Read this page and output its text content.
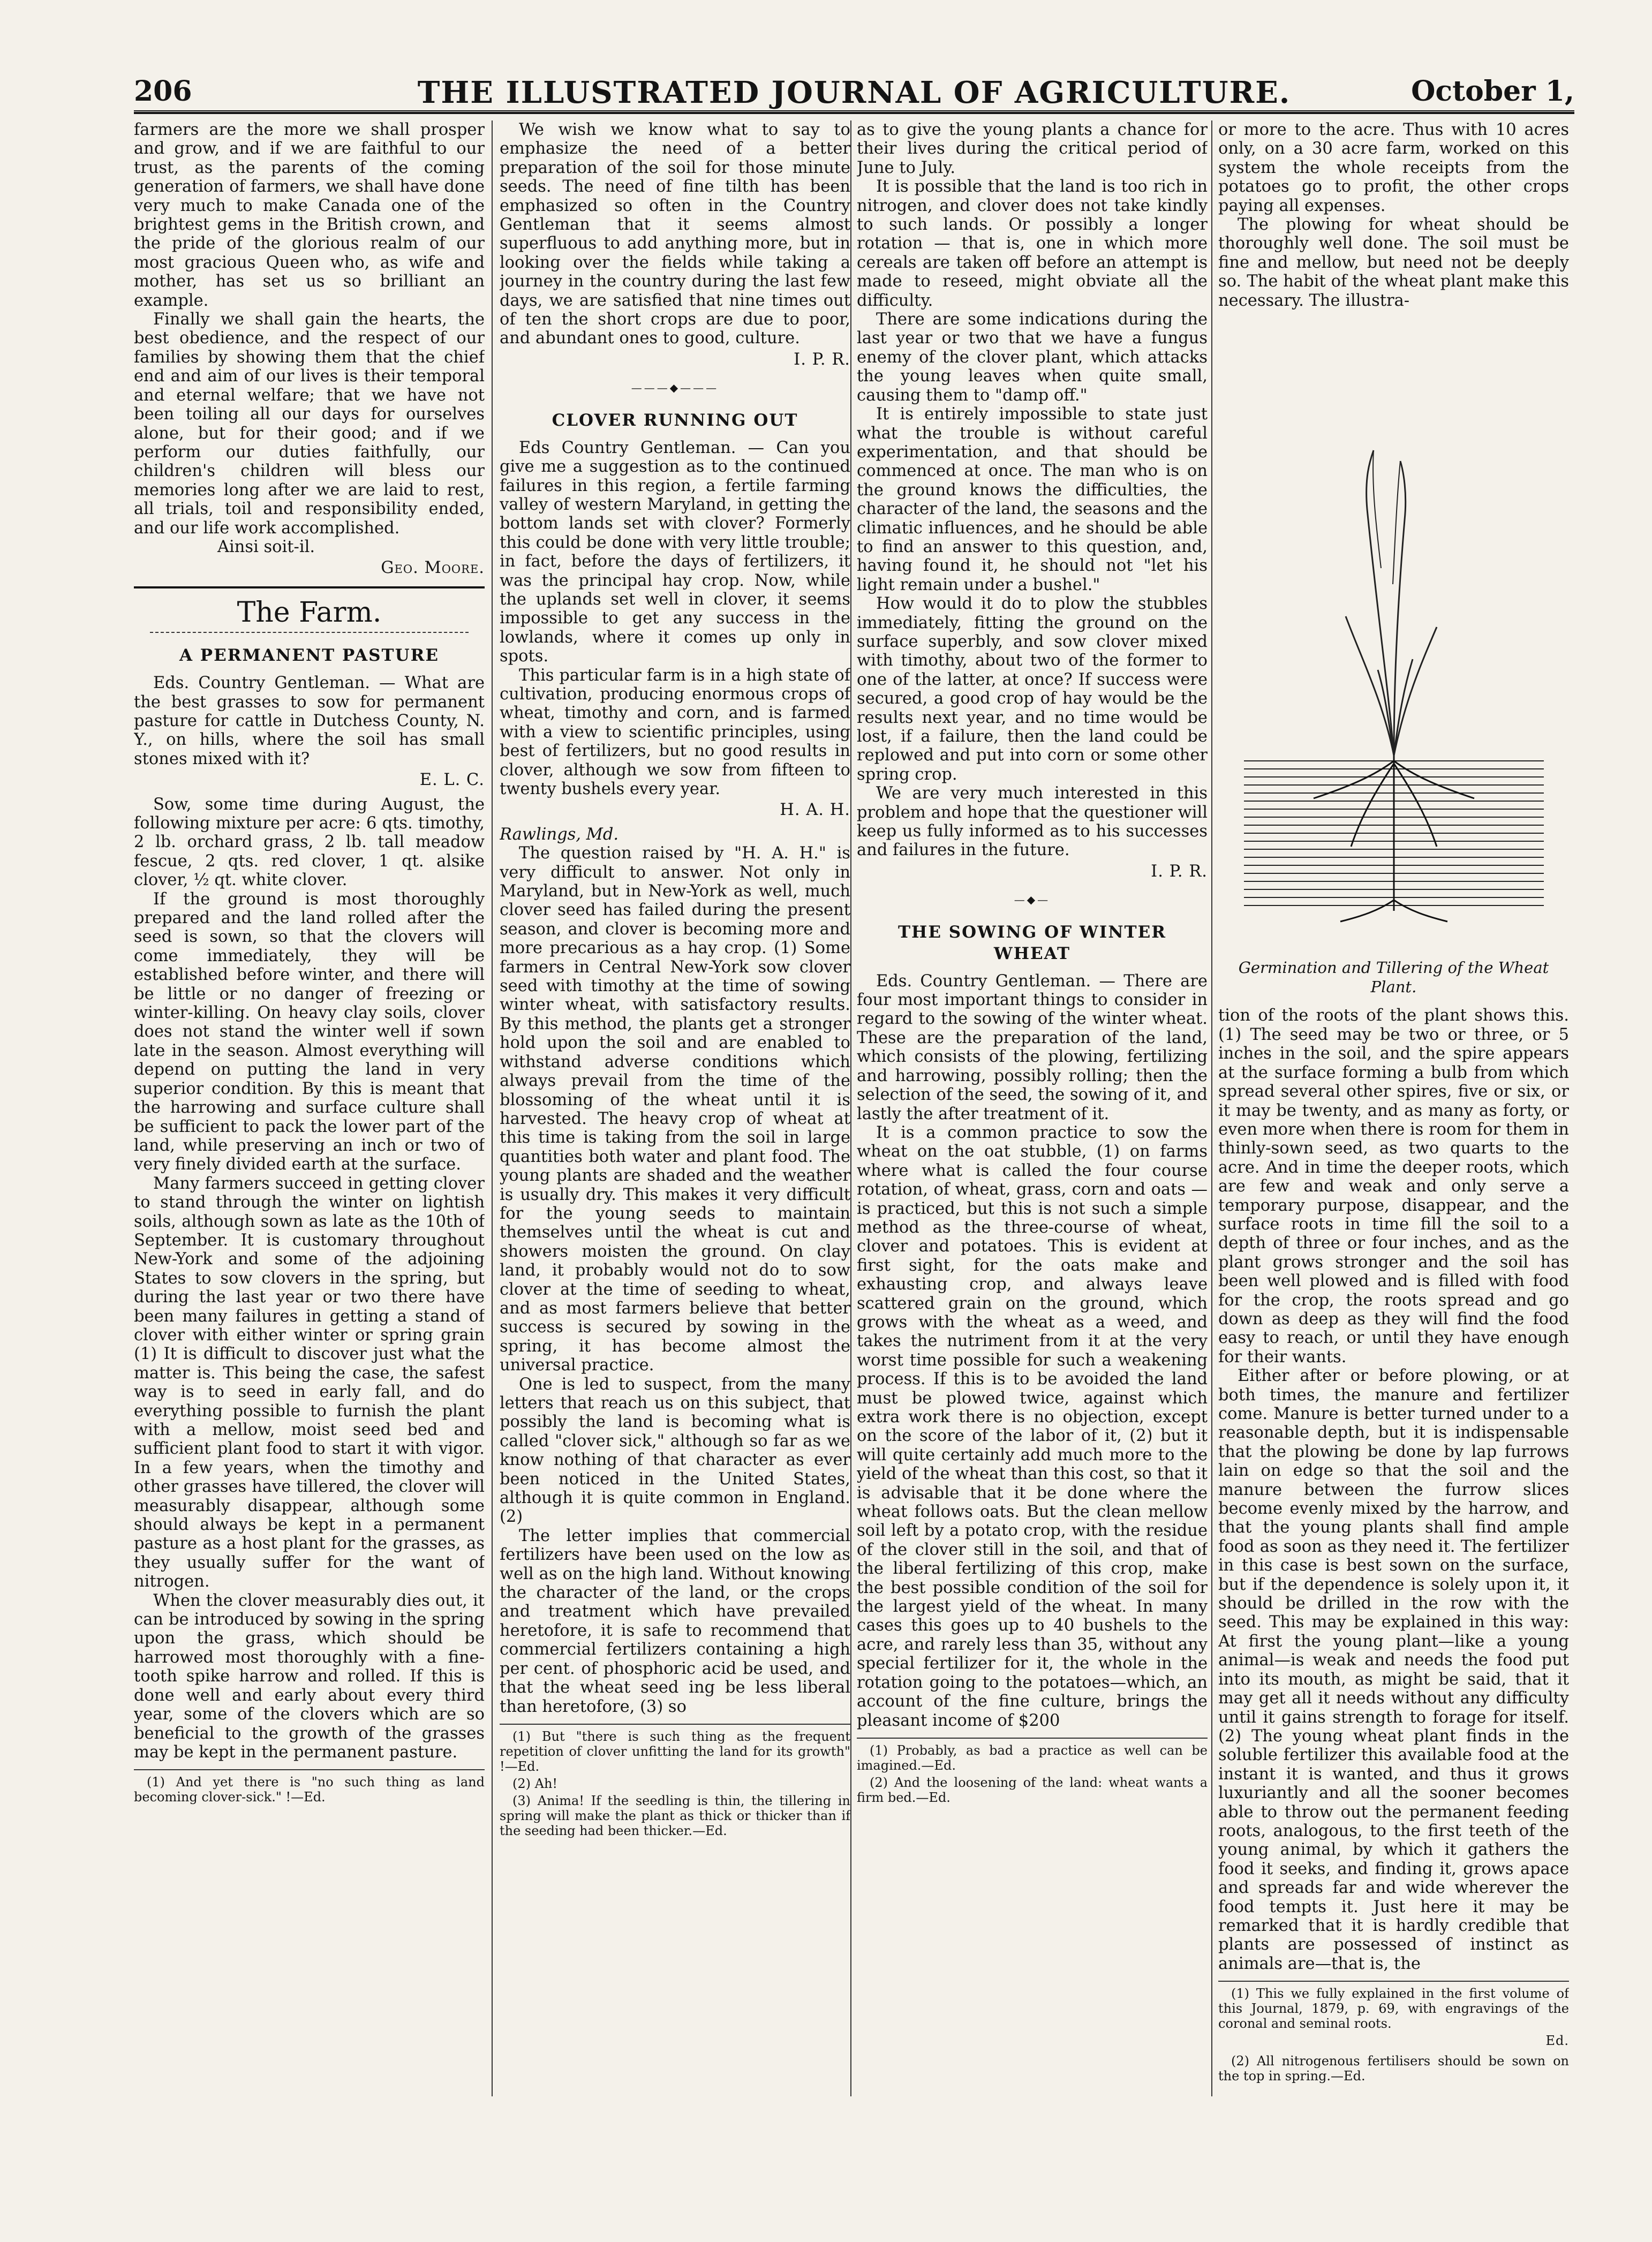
206	THE ILLUSTRATED JOURNAL OF AGRICULTURE.	October 1,

farmers are the more we shall prosper and grow, and if we are faithful to our trust, as the parents of the coming generation of farmers, we shall have done very much to make Canada one of the brightest gems in the British crown, and the pride of the glorious realm of our most gracious Queen who, as wife and mother, has set us so brilliant an example.

Finally we shall gain the hearts, the best obedience, and the respect of our families by showing them that the chief end and aim of our lives is their temporal and eternal welfare; that we have not been toiling all our days for ourselves alone, but for their good; and if we perform our duties faithfully, our children's children will bless our memories long after we are laid to rest, all trials, toil and responsibility ended, and our life work accomplished.

Ainsi soit-il.

Geo. Moore.
The Farm.
A PERMANENT PASTURE

Eds. Country Gentleman. — What are the best grasses to sow for permanent pasture for cattle in Dutchess County, N. Y., on hills, where the soil has small stones mixed with it?

E. L. C.

Sow, some time during August, the following mixture per acre: 6 qts. timothy, 2 lb. orchard grass, 2 lb. tall meadow fescue, 2 qts. red clover, 1 qt. alsike clover, ½ qt. white clover.

If the ground is most thoroughly prepared and the land rolled after the seed is sown, so that the clovers will come immediately, they will be established before winter, and there will be little or no danger of freezing or winter-killing. On heavy clay soils, clover does not stand the winter well if sown late in the season. Almost everything will depend on putting the land in very superior condition. By this is meant that the harrowing and surface culture shall be sufficient to pack the lower part of the land, while preserving an inch or two of very finely divided earth at the surface.

Many farmers succeed in getting clover to stand through the winter on lightish soils, although sown as late as the 10th of September. It is customary throughout New-York and some of the adjoining States to sow clovers in the spring, but during the last year or two there have been many failures in getting a stand of clover with either winter or spring grain (1) It is difficult to discover just what the matter is. This being the case, the safest way is to seed in early fall, and do everything possible to furnish the plant with a mellow, moist seed bed and sufficient plant food to start it with vigor. In a few years, when the timothy and other grasses have tillered, the clover will measurably disappear, although some should always be kept in a permanent pasture as a host plant for the grasses, as they usually suffer for the want of nitrogen.

When the clover measurably dies out, it can be introduced by sowing in the spring upon the grass, which should be harrowed most thoroughly with a fine-tooth spike harrow and rolled. If this is done well and early about every third year, some of the clovers which are so beneficial to the growth of the grasses may be kept in the permanent pasture.

(1) And yet there is "no such thing as land becoming clover-sick." !—Ed.

We wish we know what to say to emphasize the need of a better preparation of the soil for those minute seeds. The need of fine tilth has been emphasized so often in the Country Gentleman that it seems almost superfluous to add anything more, but in looking over the fields while taking a journey in the country during the last few days, we are satisfied that nine times out of ten the short crops are due to poor, and abundant ones to good, culture.

I. P. R.
———◆———
CLOVER RUNNING OUT

Eds Country Gentleman. — Can you give me a suggestion as to the continued failures in this region, a fertile farming valley of western Maryland, in getting the bottom lands set with clover? Formerly this could be done with very little trouble; in fact, before the days of fertilizers, it was the principal hay crop. Now, while the uplands set well in clover, it seems impossible to get any success in the lowlands, where it comes up only in spots.

This particular farm is in a high state of cultivation, producing enormous crops of wheat, timothy and corn, and is farmed with a view to scientific principles, using best of fertilizers, but no good results in clover, although we sow from fifteen to twenty bushels every year.

H. A. H.

Rawlings, Md.

The question raised by "H. A. H." is very difficult to answer. Not only in Maryland, but in New-York as well, much clover seed has failed during the present season, and clover is becoming more and more precarious as a hay crop. (1) Some farmers in Central New-York sow clover seed with timothy at the time of sowing winter wheat, with satisfactory results. By this method, the plants get a stronger hold upon the soil and are enabled to withstand adverse conditions which always prevail from the time of the blossoming of the wheat until it is harvested. The heavy crop of wheat at this time is taking from the soil in large quantities both water and plant food. The young plants are shaded and the weather is usually dry. This makes it very difficult for the young seeds to maintain themselves until the wheat is cut and showers moisten the ground. On clay land, it probably would not do to sow clover at the time of seeding to wheat, and as most farmers believe that better success is secured by sowing in the spring, it has become almost the universal practice.

One is led to suspect, from the many letters that reach us on this subject, that possibly the land is becoming what is called "clover sick," although so far as we know nothing of that character as ever been noticed in the United States, although it is quite common in England. (2)

The letter implies that commercial fertilizers have been used on the low as well as on the high land. Without knowing the character of the land, or the crops and treatment which have prevailed heretofore, it is safe to recommend that commercial fertilizers containing a high per cent. of phosphoric acid be used, and that the wheat seed ing be less liberal than heretofore, (3) so

(1) But "there is such thing as the frequent repetition of clover unfitting the land for its growth" !—Ed.

(2) Ah!

(3) Anima! If the seedling is thin, the tillering in spring will make the plant as thick or thicker than if the seeding had been thicker.—Ed.

as to give the young plants a chance for their lives during the critical period of June to July.

It is possible that the land is too rich in nitrogen, and clover does not take kindly to such lands. Or possibly a longer rotation — that is, one in which more cereals are taken off before an attempt is made to reseed, might obviate all the difficulty.

There are some indications during the last year or two that we have a fungus enemy of the clover plant, which attacks the young leaves when quite small, causing them to "damp off."

It is entirely impossible to state just what the trouble is without careful experimentation, and that should be commenced at once. The man who is on the ground knows the difficulties, the character of the land, the seasons and the climatic influences, and he should be able to find an answer to this question, and, having found it, he should not "let his light remain under a bushel."

How would it do to plow the stubbles immediately, fitting the ground on the surface superbly, and sow clover mixed with timothy, about two of the former to one of the latter, at once? If success were secured, a good crop of hay would be the results next year, and no time would be lost, if a failure, then the land could be replowed and put into corn or some other spring crop.

We are very much interested in this problem and hope that the questioner will keep us fully informed as to his successes and failures in the future.

I. P. R.
—◆—
THE SOWING OF WINTER WHEAT

Eds. Country Gentleman. — There are four most important things to consider in regard to the sowing of the winter wheat. These are the preparation of the land, which consists of the plowing, fertilizing and harrowing, possibly rolling; then the selection of the seed, the sowing of it, and lastly the after treatment of it.

It is a common practice to sow the wheat on the oat stubble, (1) on farms where what is called the four course rotation, of wheat, grass, corn and oats — is practiced, but this is not such a simple method as the three-course of wheat, clover and potatoes. This is evident at first sight, for the oats make and exhausting crop, and always leave scattered grain on the ground, which grows with the wheat as a weed, and takes the nutriment from it at the very worst time possible for such a weakening process. If this is to be avoided the land must be plowed twice, against which extra work there is no objection, except on the score of the labor of it, (2) but it will quite certainly add much more to the yield of the wheat than this cost, so that it is advisable that it be done where the wheat follows oats. But the clean mellow soil left by a potato crop, with the residue of the clover still in the soil, and that of the liberal fertilizing of this crop, make the best possible condition of the soil for the largest yield of the wheat. In many cases this goes up to 40 bushels to the acre, and rarely less than 35, without any special fertilizer for it, the whole in the rotation going to the potatoes—which, an account of the fine culture, brings the pleasant income of $200

(1) Probably, as bad a practice as well can be imagined.—Ed.

(2) And the loosening of the land: wheat wants a firm bed.—Ed.

or more to the acre. Thus with 10 acres only, on a 30 acre farm, worked on this system the whole receipts from the potatoes go to profit, the other crops paying all expenses.

The plowing for wheat should be thoroughly well done. The soil must be fine and mellow, but need not be deeply so. The habit of the wheat plant make this necessary. The illustra-

Germination and Tillering of the Wheat Plant.

tion of the roots of the plant shows this. (1) The seed may be two or three, or 5 inches in the soil, and the spire appears at the surface forming a bulb from which spread several other spires, five or six, or it may be twenty, and as many as forty, or even more when there is room for them in thinly-sown seed, as two quarts to the acre. And in time the deeper roots, which are few and weak and only serve a temporary purpose, disappear, and the surface roots in time fill the soil to a depth of three or four inches, and as the plant grows stronger and the soil has been well plowed and is filled with food for the crop, the roots spread and go down as deep as they will find the food easy to reach, or until they have enough for their wants.

Either after or before plowing, or at both times, the manure and fertilizer come. Manure is better turned under to a reasonable depth, but it is indispensable that the plowing be done by lap furrows lain on edge so that the soil and the manure between the furrow slices become evenly mixed by the harrow, and that the young plants shall find ample food as soon as they need it. The fertilizer in this case is best sown on the surface, but if the dependence is solely upon it, it should be drilled in the row with the seed. This may be explained in this way: At first the young plant—like a young animal—is weak and needs the food put into its mouth, as might be said, that it may get all it needs without any difficulty until it gains strength to forage for itself. (2) The young wheat plant finds in the soluble fertilizer this available food at the instant it is wanted, and thus it grows luxuriantly and all the sooner becomes able to throw out the permanent feeding roots, analogous, to the first teeth of the young animal, by which it gathers the food it seeks, and finding it, grows apace and spreads far and wide wherever the food tempts it. Just here it may be remarked that it is hardly credible that plants are possessed of instinct as animals are—that is, the

(1) This we fully explained in the first volume of this Journal, 1879, p. 69, with engravings of the coronal and seminal roots.

Ed.

(2) All nitrogenous fertilisers should be sown on the top in spring.—Ed.
